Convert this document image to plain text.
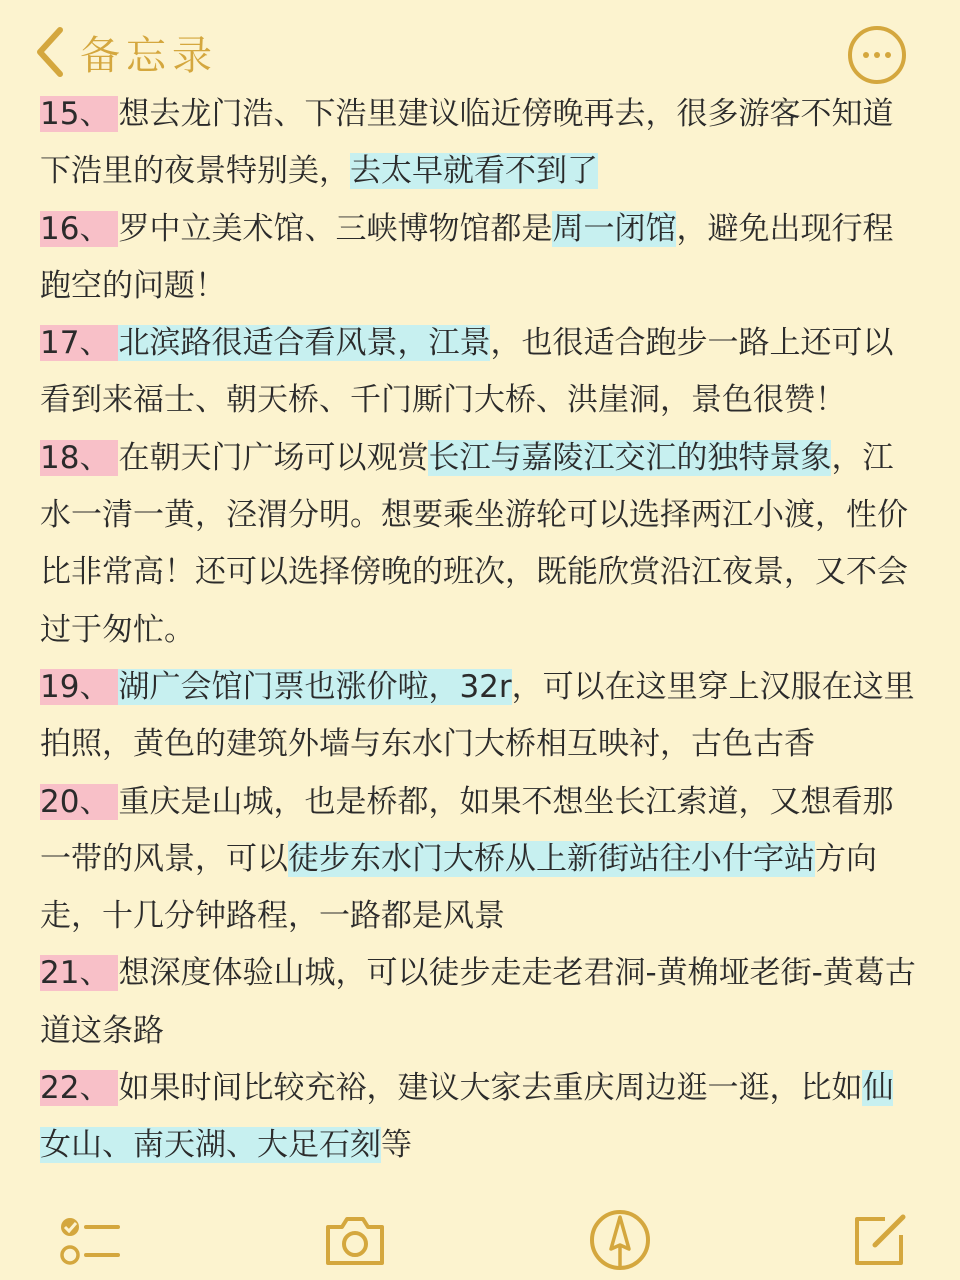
备忘录

15、 想去龙门浩、下浩里建议临近傍晚再去，很多游客不知道下浩里的夜景特别美，去太早就看不到了

16、 罗中立美术馆、三峡博物馆都是周一闭馆，避免出现行程跑空的问题！

17、 北滨路很适合看风景，江景，也很适合跑步一路上还可以看到来福士、朝天桥、千门厮门大桥、洪崖洞，景色很赞！

18、 在朝天门广场可以观赏长江与嘉陵江交汇的独特景象，江水一清一黄，泾渭分明。想要乘坐游轮可以选择两江小渡，性价比非常高！还可以选择傍晚的班次，既能欣赏沿江夜景，又不会过于匆忙。

19、 湖广会馆门票也涨价啦，32r，可以在这里穿上汉服在这里拍照，黄色的建筑外墙与东水门大桥相互映衬，古色古香

20、 重庆是山城，也是桥都，如果不想坐长江索道，又想看那一带的风景，可以徒步东水门大桥从上新街站往小什字站方向走，十几分钟路程，一路都是风景

21、 想深度体验山城，可以徒步走走老君洞-黄桷垭老街-黄葛古道这条路

22、 如果时间比较充裕，建议大家去重庆周边逛一逛，比如仙女山、南天湖、大足石刻等
